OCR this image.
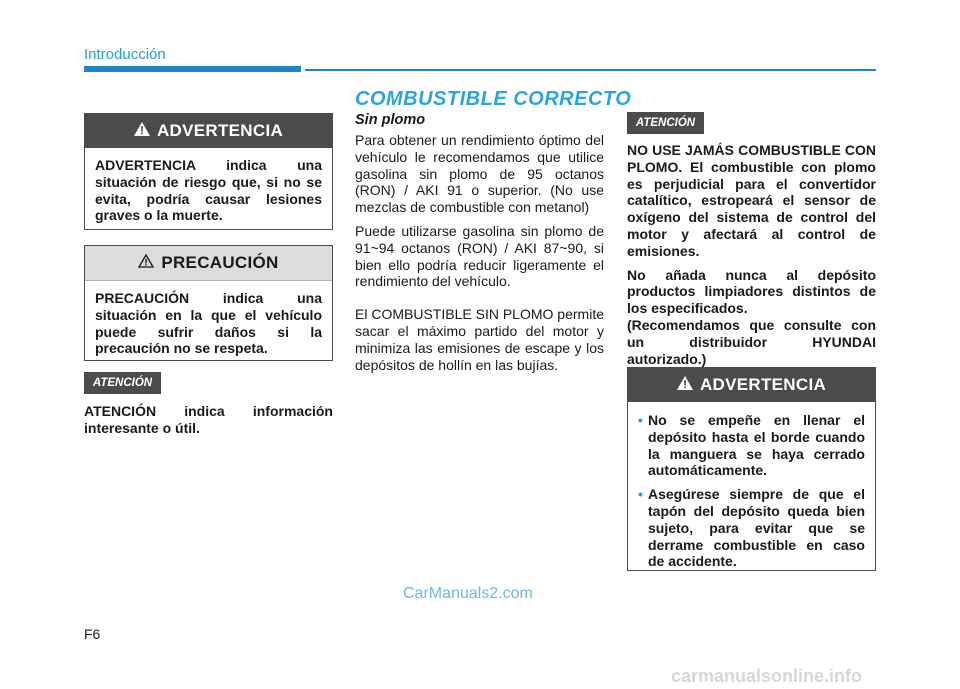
Introducción
ADVERTENCIA
ADVERTENCIA indica una situación de riesgo que, si no se evita, podría causar lesiones graves o la muerte.
PRECAUCIÓN
PRECAUCIÓN indica una situación en la que el vehículo puede sufrir daños si la precaución no se respeta.
ATENCIÓN
ATENCIÓN indica información interesante o útil.
COMBUSTIBLE CORRECTO
Sin plomo

Para obtener un rendimiento óptimo del vehículo le recomendamos que utilice gasolina sin plomo de 95 octanos (RON) / AKI 91 o superior. (No use mezclas de combustible con metanol)

Puede utilizarse gasolina sin plomo de 91~94 octanos (RON) / AKI 87~90, si bien ello podría reducir ligeramente el rendimiento del vehículo.

El COMBUSTIBLE SIN PLOMO permite sacar el máximo partido del motor y minimiza las emisiones de escape y los depósitos de hollín en las bujías.

ATENCIÓN

NO USE JAMÁS COMBUSTIBLE CON PLOMO. El combustible con plomo es perjudicial para el convertidor catalítico, estropeará el sensor de oxígeno del sistema de control del motor y afectará al control de emisiones.

No añada nunca al depósito productos limpiadores distintos de los especificados.

(Recomendamos que consulte con un distribuidor HYUNDAI autorizado.)

ADVERTENCIA
• No se empeñe en llenar el depósito hasta el borde cuando la manguera se haya cerrado automáticamente.
• Asegúrese siempre de que el tapón del depósito queda bien sujeto, para evitar que se derrame combustible en caso de accidente.
CarManuals2.com
F6
carmanualsonline.info
